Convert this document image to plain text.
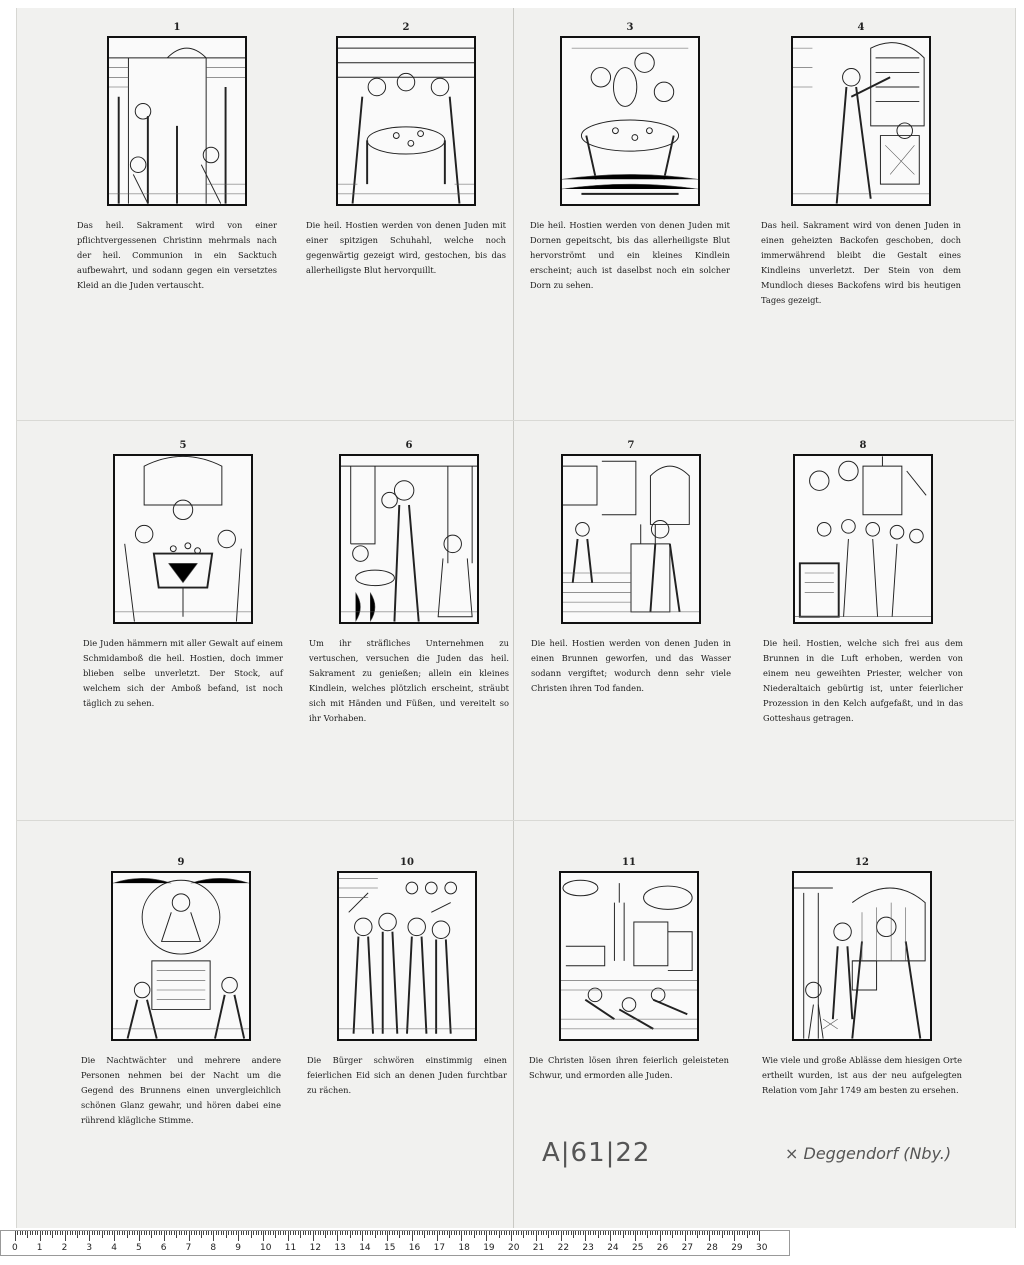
1
Das heil. Sakrament wird von einer pflichtvergessenen Christinn mehrmals nach der heil. Communion in ein Sacktuch aufbewahrt, und sodann gegen ein versetztes Kleid an die Juden vertauscht.
2
Die heil. Hostien werden von denen Juden mit einer spitzigen Schuhahl, welche noch gegenwärtig gezeigt wird, gestochen, bis das allerheiligste Blut hervorquillt.
3
Die heil. Hostien werden von denen Juden mit Dornen gepeitscht, bis das allerheiligste Blut hervorströmt und ein kleines Kindlein erscheint; auch ist daselbst noch ein solcher Dorn zu sehen.
4
Das heil. Sakrament wird von denen Juden in einen geheizten Backofen geschoben, doch immerwährend bleibt die Gestalt eines Kindleins unverletzt. Der Stein von dem Mundloch dieses Backofens wird bis heutigen Tages gezeigt.
5
Die Juden hämmern mit aller Gewalt auf einem Schmidamboß die heil. Hostien, doch immer blieben selbe unverletzt. Der Stock, auf welchem sich der Amboß befand, ist noch täglich zu sehen.
6
Um ihr sträfliches Unternehmen zu vertuschen, versuchen die Juden das heil. Sakrament zu genießen; allein ein kleines Kindlein, welches plötzlich erscheint, sträubt sich mit Händen und Füßen, und vereitelt so ihr Vorhaben.
7
Die heil. Hostien werden von denen Juden in einen Brunnen geworfen, und das Wasser sodann vergiftet; wodurch denn sehr viele Christen ihren Tod fanden.
8
Die heil. Hostien, welche sich frei aus dem Brunnen in die Luft erhoben, werden von einem neu geweihten Priester, welcher von Niederaltaich gebürtig ist, unter feierlicher Prozession in den Kelch aufgefaßt, und in das Gotteshaus getragen.
9
Die Nachtwächter und mehrere andere Personen nehmen bei der Nacht um die Gegend des Brunnens einen unvergleichlich schönen Glanz gewahr, und hören dabei eine rührend klägliche Stimme.
10
Die Bürger schwören einstimmig einen feierlichen Eid sich an denen Juden furchtbar zu rächen.
11
Die Christen lösen ihren feierlich geleisteten Schwur, und ermorden alle Juden.
12
Wie viele und große Ablässe dem hiesigen Orte ertheilt wurden, ist aus der neu aufgelegten Relation vom Jahr 1749 am besten zu ersehen.
A|61|22	× Deggendorf (Nby.)
0 1 2 3 4 5 6 7 8 9 10 11 12 13 14 15 16 17 18 19 20 21 22 23 24 25 26 27 28 29 30
